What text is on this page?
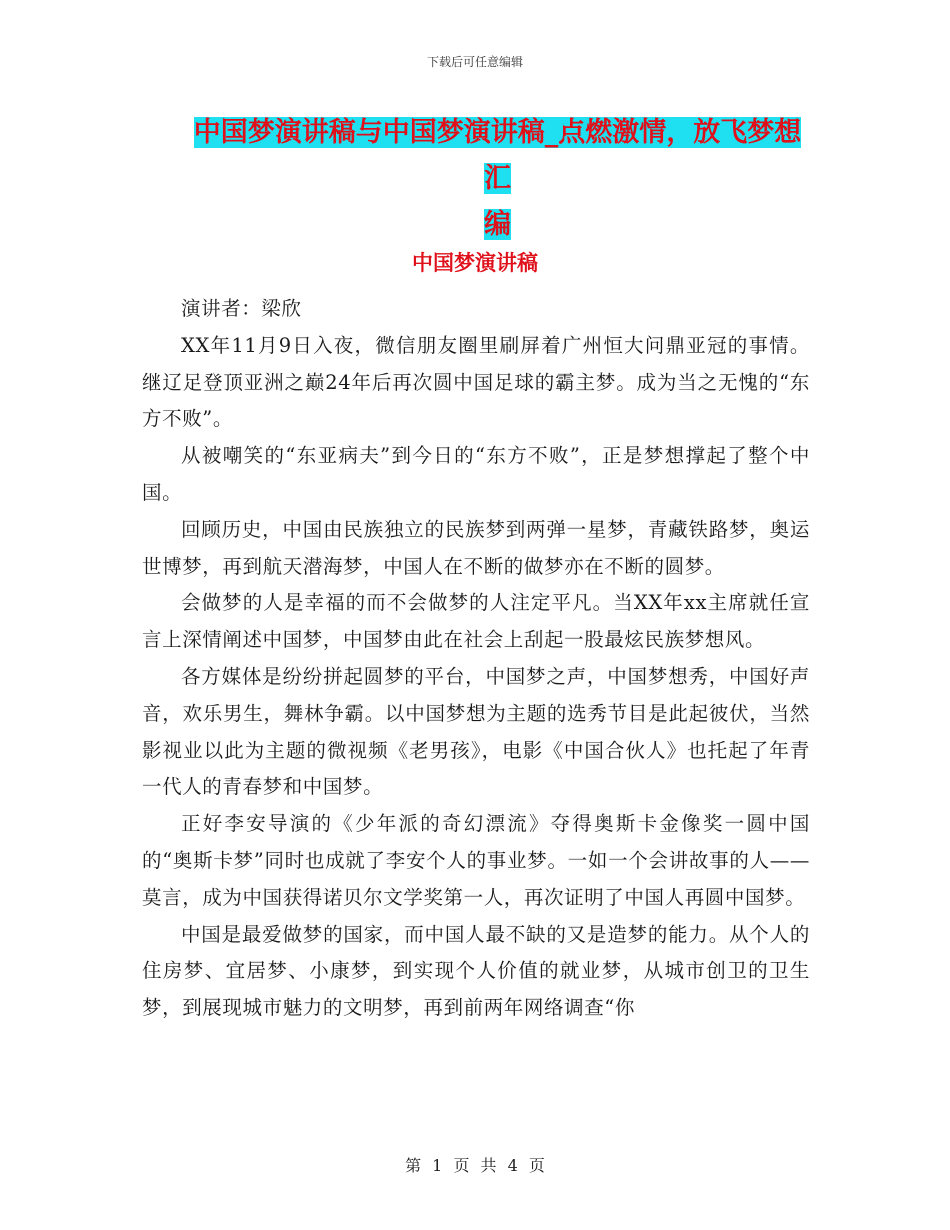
下载后可任意编辑
中国梦演讲稿与中国梦演讲稿_点燃激情，放飞梦想汇
编
中国梦演讲稿

演讲者：梁欣

XX年11月9日入夜，微信朋友圈里刷屏着广州恒大问鼎亚冠的事情。继辽足登顶亚洲之巅24年后再次圆中国足球的霸主梦。成为当之无愧的“东方不败”。

从被嘲笑的“东亚病夫”到今日的“东方不败”，正是梦想撑起了整个中国。

回顾历史，中国由民族独立的民族梦到两弹一星梦，青藏铁路梦，奥运世博梦，再到航天潜海梦，中国人在不断的做梦亦在不断的圆梦。

会做梦的人是幸福的而不会做梦的人注定平凡。当XX年xx主席就任宣言上深情阐述中国梦，中国梦由此在社会上刮起一股最炫民族梦想风。

各方媒体是纷纷拼起圆梦的平台，中国梦之声，中国梦想秀，中国好声音，欢乐男生，舞林争霸。以中国梦想为主题的选秀节目是此起彼伏，当然影视业以此为主题的微视频《老男孩》，电影《中国合伙人》也托起了年青一代人的青春梦和中国梦。

正好李安导演的《少年派的奇幻漂流》夺得奥斯卡金像奖一圆中国的“奥斯卡梦”同时也成就了李安个人的事业梦。一如一个会讲故事的人——莫言，成为中国获得诺贝尔文学奖第一人，再次证明了中国人再圆中国梦。

中国是最爱做梦的国家，而中国人最不缺的又是造梦的能力。从个人的住房梦、宜居梦、小康梦，到实现个人价值的就业梦，从城市创卫的卫生梦，到展现城市魅力的文明梦，再到前两年网络调查“你

第 1 页 共 4 页
